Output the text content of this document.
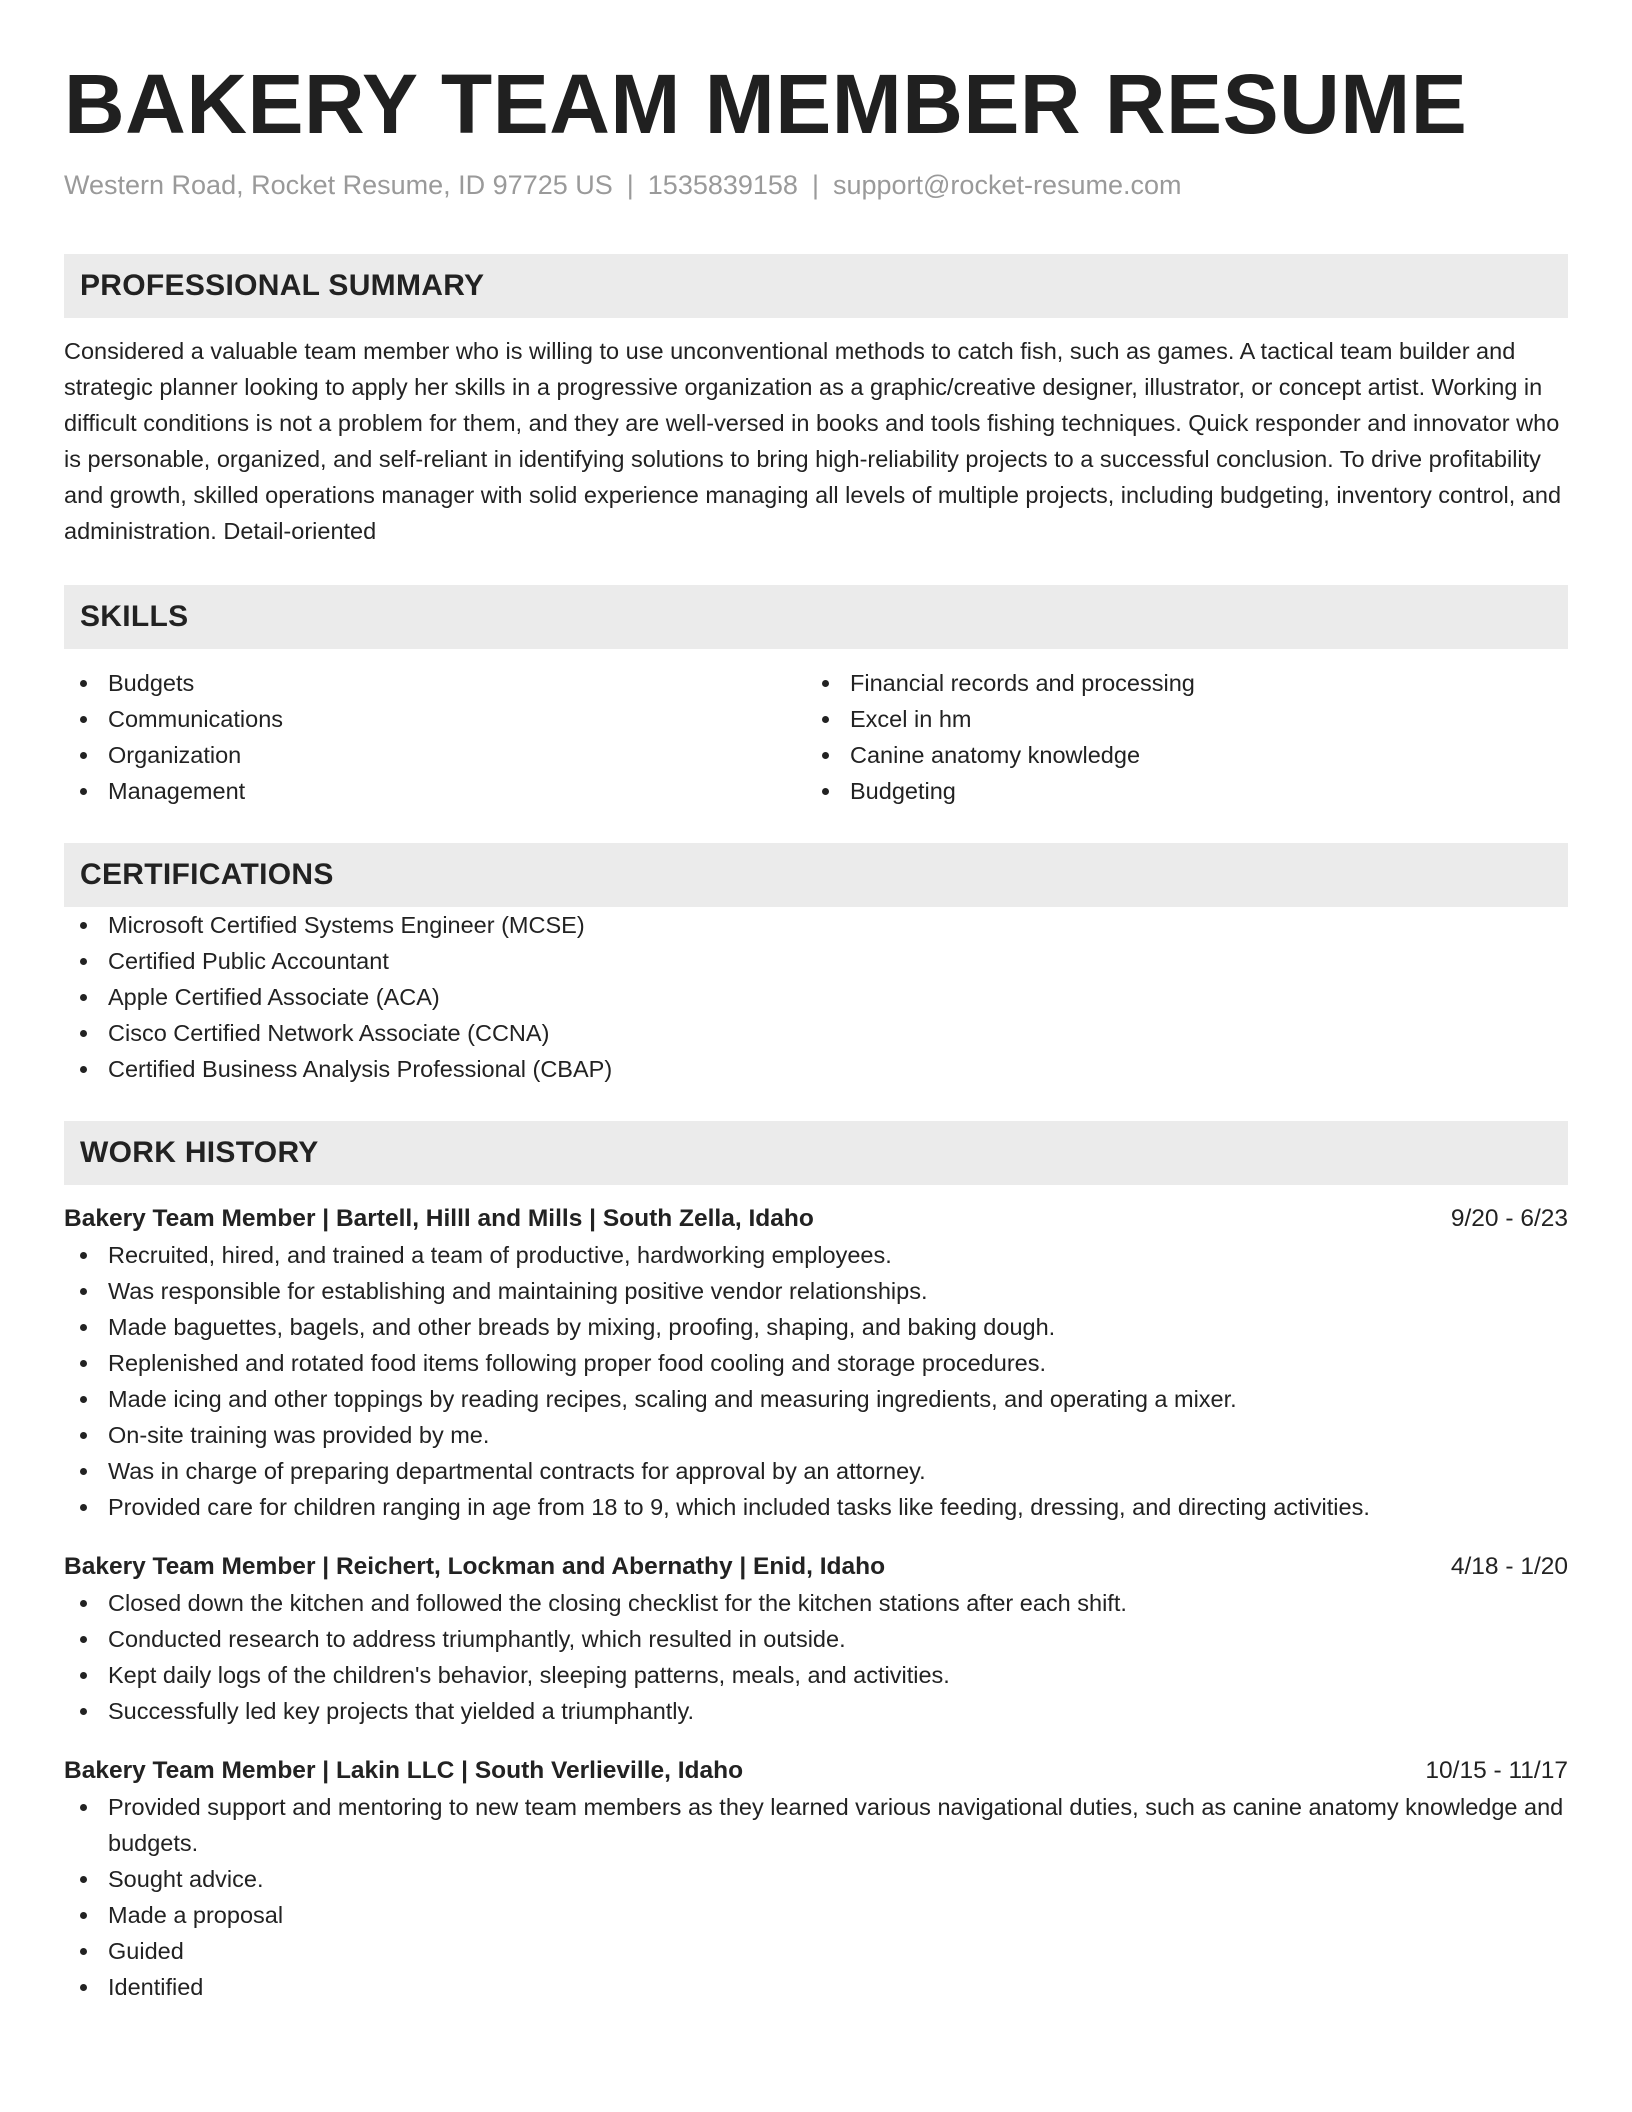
BAKERY TEAM MEMBER RESUME
Western Road, Rocket Resume, ID 97725 US | 1535839158 | support@rocket-resume.com
PROFESSIONAL SUMMARY
Considered a valuable team member who is willing to use unconventional methods to catch fish, such as games. A tactical team builder and strategic planner looking to apply her skills in a progressive organization as a graphic/creative designer, illustrator, or concept artist. Working in difficult conditions is not a problem for them, and they are well-versed in books and tools fishing techniques. Quick responder and innovator who is personable, organized, and self-reliant in identifying solutions to bring high-reliability projects to a successful conclusion. To drive profitability and growth, skilled operations manager with solid experience managing all levels of multiple projects, including budgeting, inventory control, and administration. Detail-oriented
SKILLS
Budgets
Communications
Organization
Management
Financial records and processing
Excel in hm
Canine anatomy knowledge
Budgeting
CERTIFICATIONS
Microsoft Certified Systems Engineer (MCSE)
Certified Public Accountant
Apple Certified Associate (ACA)
Cisco Certified Network Associate (CCNA)
Certified Business Analysis Professional (CBAP)
WORK HISTORY
Bakery Team Member | Bartell, Hilll and Mills | South Zella, Idaho	9/20 - 6/23
Recruited, hired, and trained a team of productive, hardworking employees.
Was responsible for establishing and maintaining positive vendor relationships.
Made baguettes, bagels, and other breads by mixing, proofing, shaping, and baking dough.
Replenished and rotated food items following proper food cooling and storage procedures.
Made icing and other toppings by reading recipes, scaling and measuring ingredients, and operating a mixer.
On-site training was provided by me.
Was in charge of preparing departmental contracts for approval by an attorney.
Provided care for children ranging in age from 18 to 9, which included tasks like feeding, dressing, and directing activities.
Bakery Team Member | Reichert, Lockman and Abernathy | Enid, Idaho	4/18 - 1/20
Closed down the kitchen and followed the closing checklist for the kitchen stations after each shift.
Conducted research to address triumphantly, which resulted in outside.
Kept daily logs of the children's behavior, sleeping patterns, meals, and activities.
Successfully led key projects that yielded a triumphantly.
Bakery Team Member | Lakin LLC | South Verlieville, Idaho	10/15 - 11/17
Provided support and mentoring to new team members as they learned various navigational duties, such as canine anatomy knowledge and budgets.
Sought advice.
Made a proposal
Guided
Identified
